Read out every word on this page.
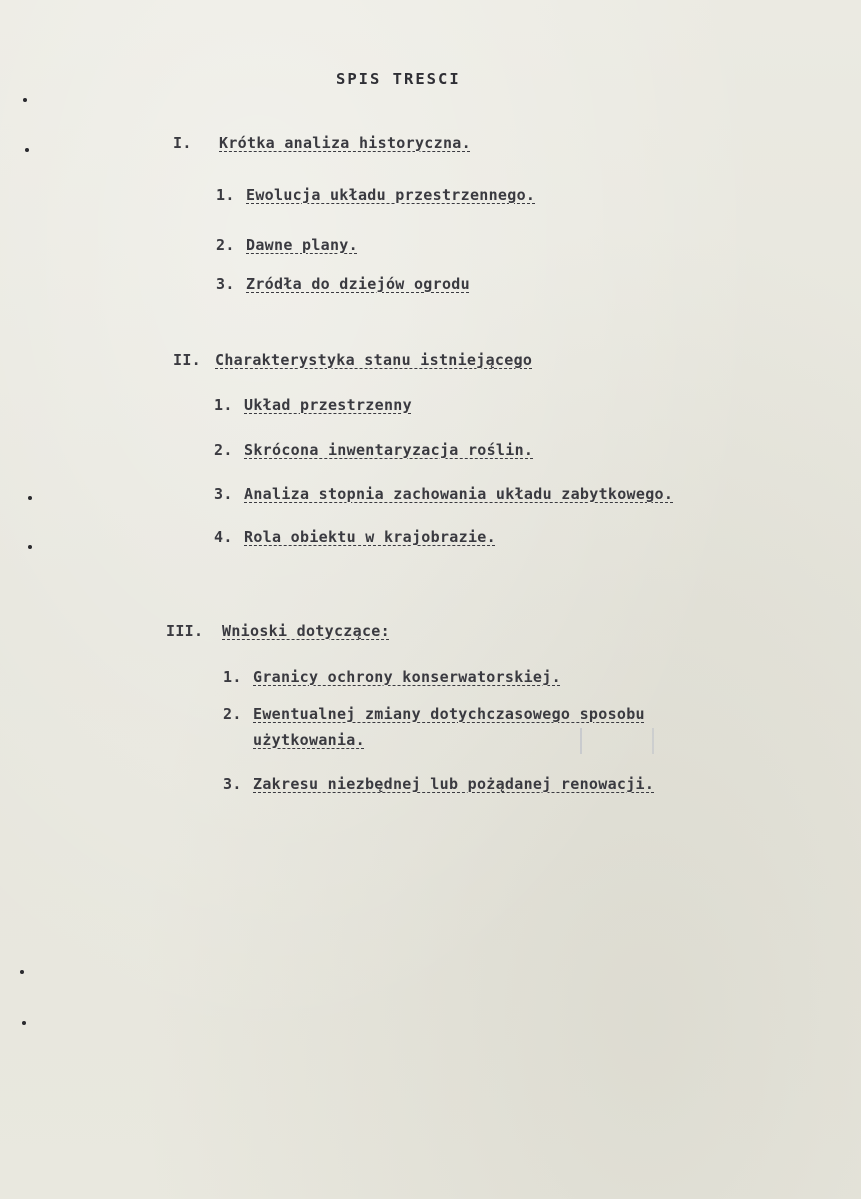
SPIS TRESCI
I. Krótka analiza historyczna.
1. Ewolucja układu przestrzennego.
2. Dawne plany.
3. Zródła do dziejów ogrodu
II. Charakterystyka stanu istniejącego
1. Układ przestrzenny
2. Skrócona inwentaryzacja roślin.
3. Analiza stopnia zachowania układu zabytkowego.
4. Rola obiektu w krajobrazie.
III. Wnioski dotyczące:
1. Granicy ochrony konserwatorskiej.
2. Ewentualnej zmiany dotychczasowego sposobu
użytkowania.
3. Zakresu niezbędnej lub pożądanej renowacji.
